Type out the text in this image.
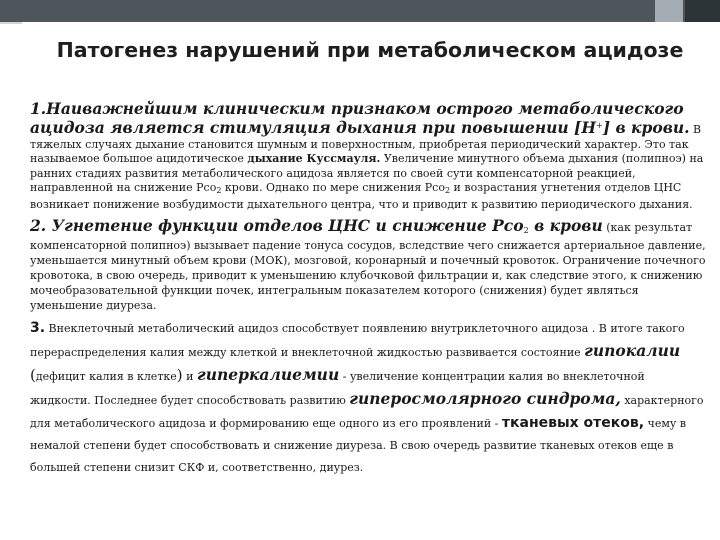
Патогенез нарушений при метаболическом ацидозе

1.Наиважнейшим клиническим признаком острого метаболического ацидоза является стимуляция дыхания при повышении [Н+] в крови. В тяжелых случаях дыхание становится шумным и поверхностным, приобретая периодический характер. Это так называемое большое ацидотическое дыхание Куссмауля. Увеличение минутного объема дыхания (полипноэ) на ранних стадиях развития метаболического ацидоза является по своей сути компенсаторной реакцией, направленной на снижение Рсо$_2$ крови. Однако по мере снижения Рсо$_2$ и возрастания угнетения отделов ЦНС возникает понижение возбудимости дыхательного центра, что и приводит к развитию периодического дыхания.

2. Угнетение функции отделов ЦНС и снижение Рсо$_2$ в крови (как результат компенсаторной полипноэ) вызывает падение тонуса сосудов, вследствие чего снижается артериальное давление, уменьшается минутный объем крови (МОК), мозговой, коронарный и почечный кровоток. Ограничение почечного кровотока, в свою очередь, приводит к уменьшению клубочковой фильтрации и, как следствие этого, к снижению мочеобразовательной функции почек, интегральным показателем которого (снижения) будет являться уменьшение диуреза.

3. Внеклеточный метаболический ацидоз способствует появлению внутриклеточного ацидоза . В итоге такого перераспределения калия между клеткой и внеклеточной жидкостью развивается состояние гипокалии (дефицит калия в клетке) и гиперкалиемии - увеличение концентрации калия во внеклеточной жидкости. Последнее будет способствовать развитию гиперосмолярного синдрома, характерного для метаболического ацидоза и формированию еще одного из его проявлений - тканевых отеков, чему в немалой степени будет способствовать и снижение диуреза. В свою очередь развитие тканевых отеков еще в большей степени снизит СКФ и, соответственно, диурез.
